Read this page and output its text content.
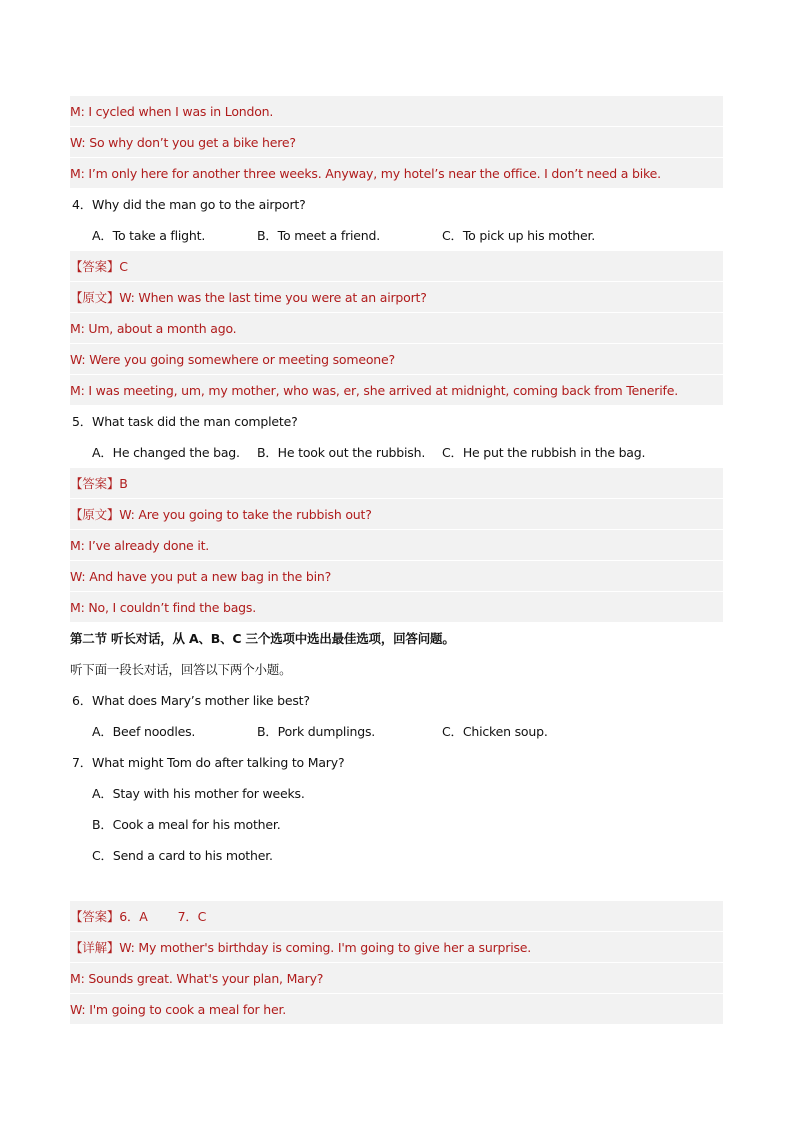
M: I cycled when I was in London.
W: So why don’t you get a bike here?
M: I’m only here for another three weeks. Anyway, my hotel’s near the office. I don’t need a bike.
4．Why did the man go to the airport?
A．To take a flight.	B．To meet a friend.	C．To pick up his mother.
【答案】C
【原文】W: When was the last time you were at an airport?
M: Um, about a month ago.
W: Were you going somewhere or meeting someone?
M: I was meeting, um, my mother, who was, er, she arrived at midnight, coming back from Tenerife.
5．What task did the man complete?
A．He changed the bag. B．He took out the rubbish. C．He put the rubbish in the bag.
【答案】B
【原文】W: Are you going to take the rubbish out?
M: I’ve already done it.
W: And have you put a new bag in the bin?
M: No, I couldn’t find the bags.
第二节 听长对话，从 A、B、C 三个选项中选出最佳选项，回答问题。
听下面一段长对话，回答以下两个小题。
6．What does Mary’s mother like best?
A．Beef noodles.	B．Pork dumplings.	C．Chicken soup.
7．What might Tom do after talking to Mary?
A．Stay with his mother for weeks.
B．Cook a meal for his mother.
C．Send a card to his mother.
【答案】6．A 7．C
【详解】W: My mother's birthday is coming. I'm going to give her a surprise.
M: Sounds great. What's your plan, Mary?
W: I'm going to cook a meal for her.
